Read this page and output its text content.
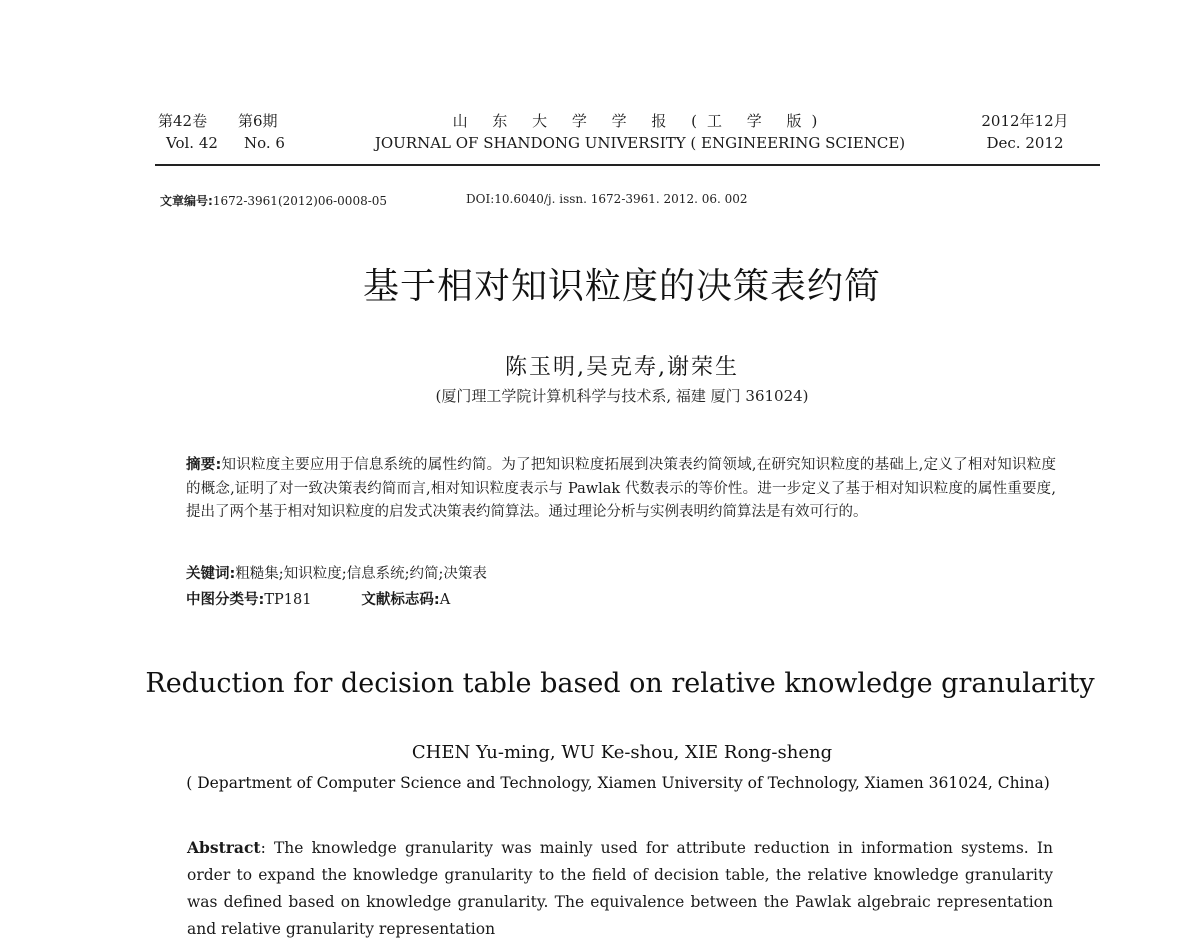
第42卷	第6期
Vol. 42	No. 6
山 东 大 学 学 报 (工 学 版)
JOURNAL OF SHANDONG UNIVERSITY ( ENGINEERING SCIENCE)
2012年12月
Dec. 2012
文章编号:1672-3961(2012)06-0008-05	DOI:10.6040/j. issn. 1672-3961. 2012. 06. 002
基于相对知识粒度的决策表约简
陈玉明,吴克寿,谢荣生
(厦门理工学院计算机科学与技术系, 福建 厦门 361024)
摘要:知识粒度主要应用于信息系统的属性约简。为了把知识粒度拓展到决策表约简领域,在研究知识粒度的基础上,定义了相对知识粒度的概念,证明了对一致决策表约简而言,相对知识粒度表示与 Pawlak 代数表示的等价性。进一步定义了基于相对知识粒度的属性重要度,提出了两个基于相对知识粒度的启发式决策表约简算法。通过理论分析与实例表明约简算法是有效可行的。
关键词:粗糙集;知识粒度;信息系统;约简;决策表
中图分类号:TP181	文献标志码:A
Reduction for decision table based on relative knowledge granularity
CHEN Yu-ming, WU Ke-shou, XIE Rong-sheng
( Department of Computer Science and Technology, Xiamen University of Technology, Xiamen 361024, China)
Abstract: The knowledge granularity was mainly used for attribute reduction in information systems. In order to expand the knowledge granularity to the field of decision table, the relative knowledge granularity was defined based on knowledge granularity. The equivalence between the Pawlak algebraic representation and relative granularity representation
